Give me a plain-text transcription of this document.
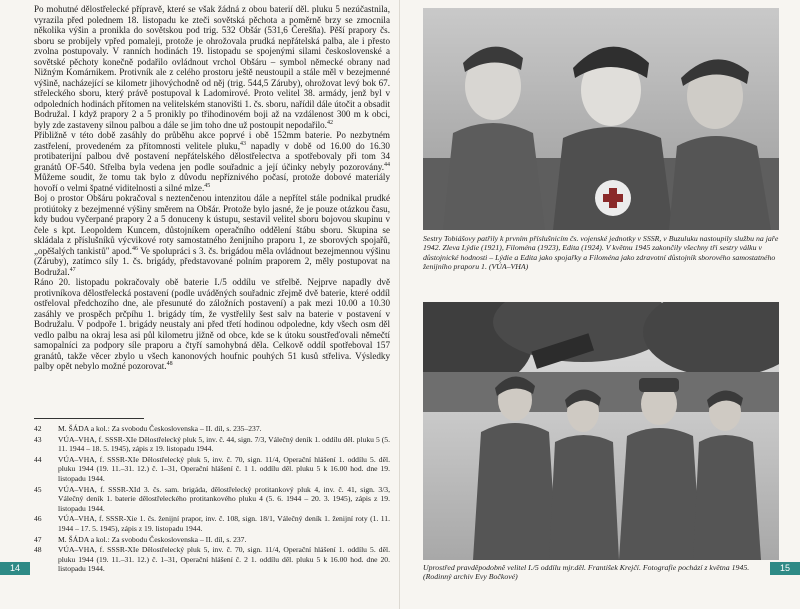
Po mohutné dělostřelecké přípravě, které se však žádná z obou baterií děl. pluku 5 nezúčastnila, vyrazila před polednem 18. listopadu ke zteči sovětská pěchota a poměrně brzy se zmocnila několika výšin a pronikla do sovětskou pod trig. 532 Obšár (531,6 Čerešňa). Pěší prapory čs. sboru se probíjely vpřed pomaleji, protože je ohrožovala prudká nepřátelská palba, ale i přesto zvolna postupovaly. V ranních hodinách 19. listopadu se spojenými silami československé a sovětské pěchoty konečně podařilo ovládnout vrchol Obšáru – symbol německé obrany nad Nižným Komárnikem. Protivník ale z celého prostoru ještě neustoupil a stále měl v bezejmenné výšině, nacházející se kilometr jihovýchodně od něj (trig. 544,5 Záruby), ohrožovat levý bok 67. střeleckého sboru, který právě postupoval k Ladomirové. Proto velitel 38. armády, jenž byl v odpoledních hodinách přítomen na velitelském stanovišti 1. čs. sboru, nařídil dále útočit a obsadit Bodružal. I když prapory 2 a 5 pronikly po třihodinovém boji až na vzdálenost 300 m k obci, byly zde zastaveny silnou palbou a dále se jim toho dne už postoupit nepodařilo.$^{42}$

Přibližně v této době zasáhly do průběhu akce poprvé i obě 152mm baterie. Po nezbytném zastřelení, provedeném za přítomnosti velitele pluku,$^{43}$ napadly v době od 16.00 do 16.30 protibaterijní palbou dvě postavení nepřátelského dělostřelectva a spotřebovaly při tom 34 granátů OF-540. Střelba byla vedena jen podle souřadnic a její účinky nebyly pozorovány.$^{44}$ Můžeme soudit, že tomu tak bylo z důvodu nepříznivého počasí, protože dobové materiály hovoří o velmi špatné viditelnosti a silné mlze.$^{45}$

Boj o prostor Obšáru pokračoval s neztenčenou intenzitou dále a nepřítel stále podnikal prudké protiútoky z bezejmenné výšiny směrem na Obšár. Protože bylo jasné, že je pouze otázkou času, kdy budou vyčerpané prapory 2 a 5 donuceny k ústupu, sestavil velitel sboru bojovou skupinu v čele s kpt. Leopoldem Kuncem, důstojníkem operačního oddělení štábu sboru. Skupina se skládala z příslušníků výcvikové roty samostatného ženijního praporu 1, ze sborových spojařů, „opěšalých tankistů" apod.$^{46}$ Ve spolupráci s 3. čs. brigádou měla ovládnout bezejmennou výšinu (Záruby), zatímco síly 1. čs. brigády, představované polním praporem 2, měly postupovat na Bodružal.$^{47}$

Ráno 20. listopadu pokračovaly obě baterie I./5 oddílu ve střelbě. Nejprve napadly dvě protivníkova dělostřelecká postavení (podle uváděných souřadnic zřejmě dvě baterie, které oddíl ostřeloval předchozího dne, ale přesunuté do záložních postavení) a pak mezi 10.00 a 10.30 zasáhly ve prospěch prčpíhu 1. brigády tím, že vystřelily šest salv na baterie v postavení v Bodružalu. V podpoře 1. brigády neustaly ani před třetí hodinou odpoledne, kdy všech osm děl vedlo palbu na okraj lesa asi půl kilometru jižně od obce, kde se k útoku soustřeďovali němečtí samopalníci za podpory síle praporu a čtyří samohybná děla. Celkově oddíl spotřeboval 157 granátů, takže věcer zbylo u všech kanonových houfnic pouhých 51 kusů střeliva. Výsledky palby opět nebylo možné pozorovat.$^{48}$

42	M. ŠÁDA a kol.: Za svobodu Československa – II. díl, s. 235–237.
43	VÚA–VHA, f. SSSR-XIe Dělostřelecký pluk 5, inv. č. 44, sign. 7/3, Válečný deník 1. oddílu děl. pluku 5 (5. 11. 1944 – 18. 5. 1945), zápis z 19. listopadu 1944.
44	VÚA–VHA, f. SSSR-XIe Dělostřelecký pluk 5, inv. č. 70, sign. 11/4, Operační hlášení 1. oddílu 5. děl. pluku 1944 (19. 11.–31. 12.) č. 1–31, Operační hlášení č. 1 1. oddílu děl. pluku 5 k 16.00 hod. dne 19. listopadu 1944.
45	VÚA–VHA, f. SSSR-XId 3. čs. sam. brigáda, dělostřelecký protitankový pluk 4, inv. č. 41, sign. 3/3, Válečný deník 1. baterie dělostřeleckého protitankového pluku 4 (5. 6. 1944 – 20. 3. 1945), zápis z 19. listopadu 1944.
46	VÚA–VHA, f. SSSR-Xie 1. čs. ženijní prapor, inv. č. 108, sign. 18/1, Válečný deník 1. ženijní roty (1. 11. 1944 – 17. 5. 1945), zápis z 19. listopadu 1944.
47	M. ŠÁDA a kol.: Za svobodu Československa – II. díl, s. 237.
48	VÚA–VHA, f. SSSR-XIe Dělostřelecký pluk 5, inv. č. 70, sign. 11/4, Operační hlášení 1. oddílu 5. děl. pluku 1944 (19. 11.–31. 12.) č. 1–31, Operační hlášení č. 2 1. oddílu děl. pluku 5 k 16.00 hod. dne 20. listopadu 1944.
14	15
Sestry Tobiášovy patřily k prvním příslušnicím čs. vojenské jednotky v SSSR, v Buzuluku nastoupily službu na jaře 1942. Zleva Lýdie (1921), Filoména (1923), Edita (1924). V květnu 1945 zakončily všechny tři sestry válku v důstojnické hodnosti – Lýdie a Edita jako spojařky a Filoména jako zdravotní důstojník sborového samostatného ženijního praporu 1. (VÚA–VHA)
Uprostřed pravděpodobně velitel I./5 oddílu mjr.děl. František Krejčí. Fotografie pochází z května 1945. (Rodinný archiv Evy Bočkové)
